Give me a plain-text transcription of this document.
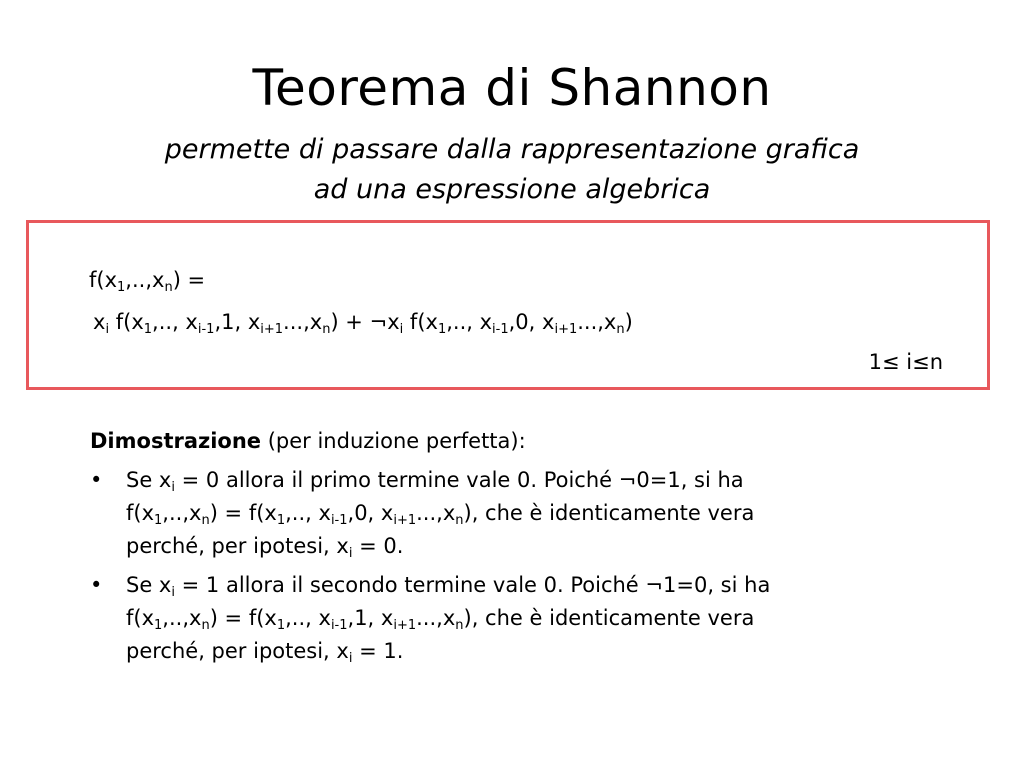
Teorema di Shannon
permette di passare dalla rappresentazione grafica
ad una espressione algebrica
$f(x_1,..,x_n)$ =
$x_i$ $f(x_1$,.., $x_{i-1},1$, $x_{i+1}...,x_n$) + $\neg x_i$ $f(x_1$,.., $x_{i-1},0$, $x_{i+1}...,x_n$)
1≤ i≤n
Dimostrazione (per induzione perfetta):
• Se $x_i = 0$ allora il primo termine vale 0. Poiché ¬0=1, si ha
$f(x_1,..,x_n) = f(x_1$,.., $x_{i-1},0$, $x_{i+1}...,x_n$), che è identicamente vera
perché, per ipotesi, $x_i = 0$.
• Se $x_i = 1$ allora il secondo termine vale 0. Poiché ¬1=0, si ha
$f(x_1,..,x_n) = f(x_1$,.., $x_{i-1},1$, $x_{i+1}...,x_n$), che è identicamente vera
perché, per ipotesi, $x_i = 1$.
